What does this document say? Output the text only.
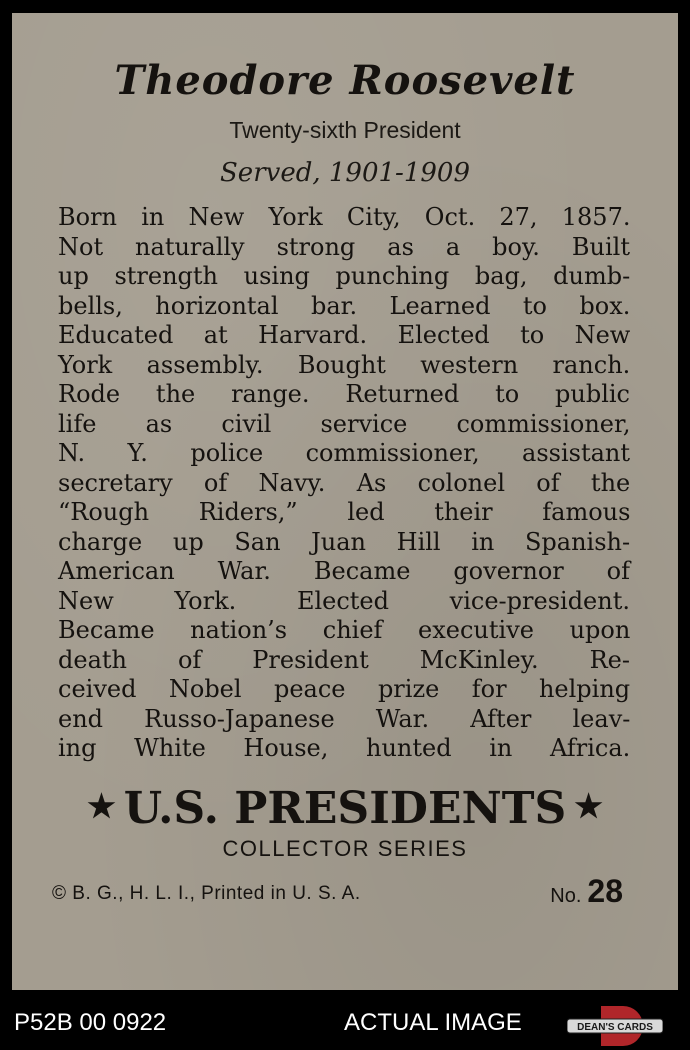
Theodore Roosevelt
Twenty-sixth President
Served, 1901-1909
Born in New York City, Oct. 27, 1857.
Not naturally strong as a boy. Built
up strength using punching bag, dumb-
bells, horizontal bar. Learned to box.
Educated at Harvard. Elected to New
York assembly. Bought western ranch.
Rode the range. Returned to public
life as civil service commissioner,
N. Y. police commissioner, assistant
secretary of Navy. As colonel of the
“Rough Riders,” led their famous
charge up San Juan Hill in Spanish-
American War. Became governor of
New York. Elected vice-president.
Became nation’s chief executive upon
death of President McKinley. Re-
ceived Nobel peace prize for helping
end Russo-Japanese War. After leav-
ing White House, hunted in Africa.
★ U.S. PRESIDENTS ★
COLLECTOR SERIES
© B. G., H. L. I., Printed in U. S. A.	No. 28
P52B 00 0922	ACTUAL IMAGE	DEAN'S CARDS
